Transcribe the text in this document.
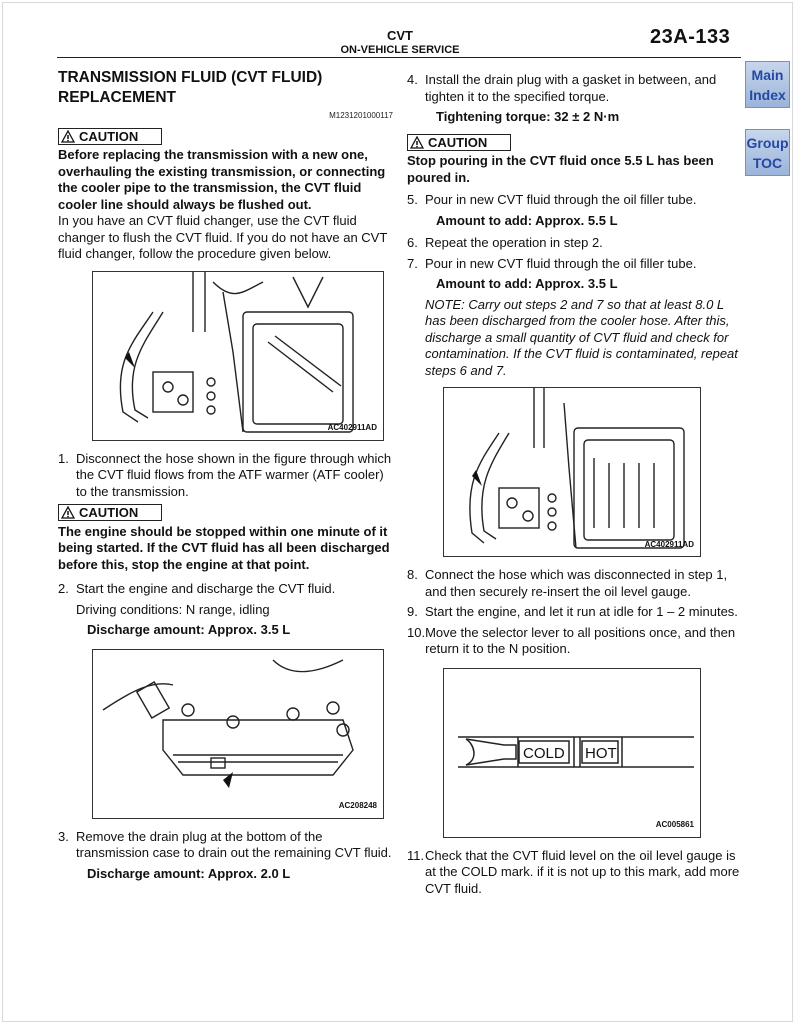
CVT
ON-VEHICLE SERVICE
23A-133
Main
Index
Group
TOC
TRANSMISSION FLUID (CVT FLUID)
REPLACEMENT
M1231201000117
CAUTION

Before replacing the transmission with a new one, overhauling the existing transmission, or connecting the cooler pipe to the transmission, the CVT fluid cooler line should always be flushed out.

In you have an CVT fluid changer, use the CVT fluid changer to flush the CVT fluid. If you do not have an CVT fluid changer, follow the procedure given below.

AC402911AD
1. Disconnect the hose shown in the figure through which the CVT fluid flows from the ATF warmer (ATF cooler) to the transmission.
CAUTION

The engine should be stopped within one minute of it being started. If the CVT fluid has all been discharged before this, stop the engine at that point.

2. Start the engine and discharge the CVT fluid.

Driving conditions: N range, idling

Discharge amount: Approx. 3.5 L

AC208248
3. Remove the drain plug at the bottom of the transmission case to drain out the remaining CVT fluid.

Discharge amount: Approx. 2.0 L

4. Install the drain plug with a gasket in between, and tighten it to the specified torque.

Tightening torque: 32 ± 2 N·m

CAUTION

Stop pouring in the CVT fluid once 5.5 L has been poured in.

5. Pour in new CVT fluid through the oil filler tube.

Amount to add: Approx. 5.5 L

6. Repeat the operation in step 2.
7. Pour in new CVT fluid through the oil filler tube.

Amount to add: Approx. 3.5 L

NOTE: Carry out steps 2 and 7 so that at least 8.0 L has been discharged from the cooler hose. After this, discharge a small quantity of CVT fluid and check for contamination. If the CVT fluid is contaminated, repeat steps 6 and 7.

AC402911AD
8. Connect the hose which was disconnected in step 1, and then securely re-insert the oil level gauge.
9. Start the engine, and let it run at idle for 1 – 2 minutes.
10. Move the selector lever to all positions once, and then return it to the N position.
COLD HOT
AC005861
11. Check that the CVT fluid level on the oil level gauge is at the COLD mark. if it is not up to this mark, add more CVT fluid.
